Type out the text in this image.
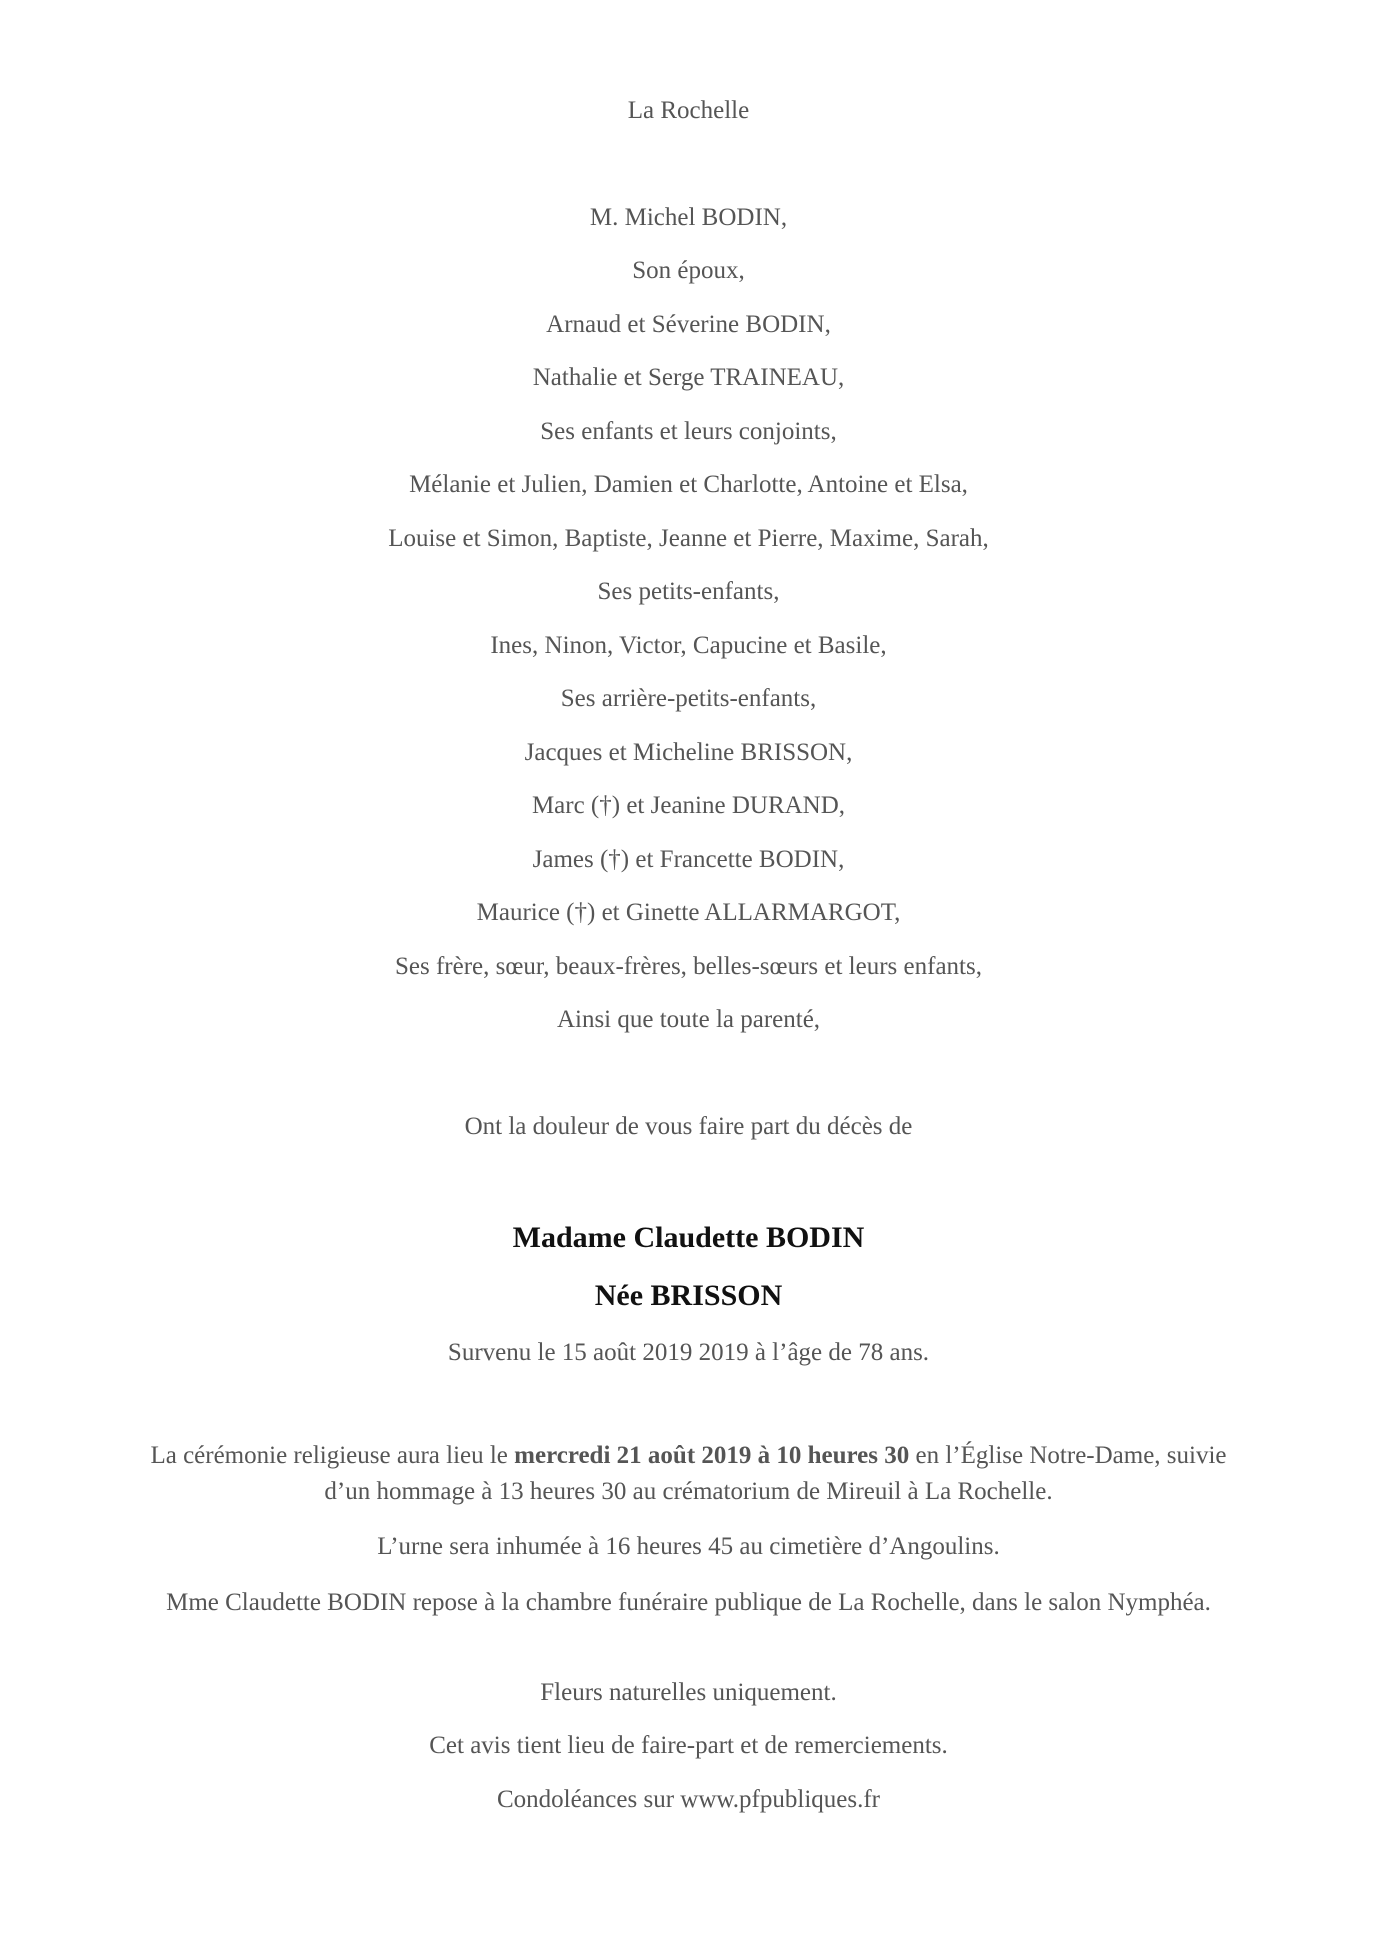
La Rochelle
M. Michel BODIN,
Son époux,
Arnaud et Séverine BODIN,
Nathalie et Serge TRAINEAU,
Ses enfants et leurs conjoints,
Mélanie et Julien, Damien et Charlotte, Antoine et Elsa,
Louise et Simon, Baptiste, Jeanne et Pierre, Maxime, Sarah,
Ses petits-enfants,
Ines, Ninon, Victor, Capucine et Basile,
Ses arrière-petits-enfants,
Jacques et Micheline BRISSON,
Marc (†) et Jeanine DURAND,
James (†) et Francette BODIN,
Maurice (†) et Ginette ALLARMARGOT,
Ses frère, sœur, beaux-frères, belles-sœurs et leurs enfants,
Ainsi que toute la parenté,
Ont la douleur de vous faire part du décès de
Madame Claudette BODIN
Née BRISSON
Survenu le 15 août 2019 2019 à l’âge de 78 ans.
La cérémonie religieuse aura lieu le mercredi 21 août 2019 à 10 heures 30 en l’Église Notre-Dame, suivie d’un hommage à 13 heures 30 au crématorium de Mireuil à La Rochelle.
L’urne sera inhumée à 16 heures 45 au cimetière d’Angoulins.
Mme Claudette BODIN repose à la chambre funéraire publique de La Rochelle, dans le salon Nymphéa.
Fleurs naturelles uniquement.
Cet avis tient lieu de faire-part et de remerciements.
Condoléances sur www.pfpubliques.fr
